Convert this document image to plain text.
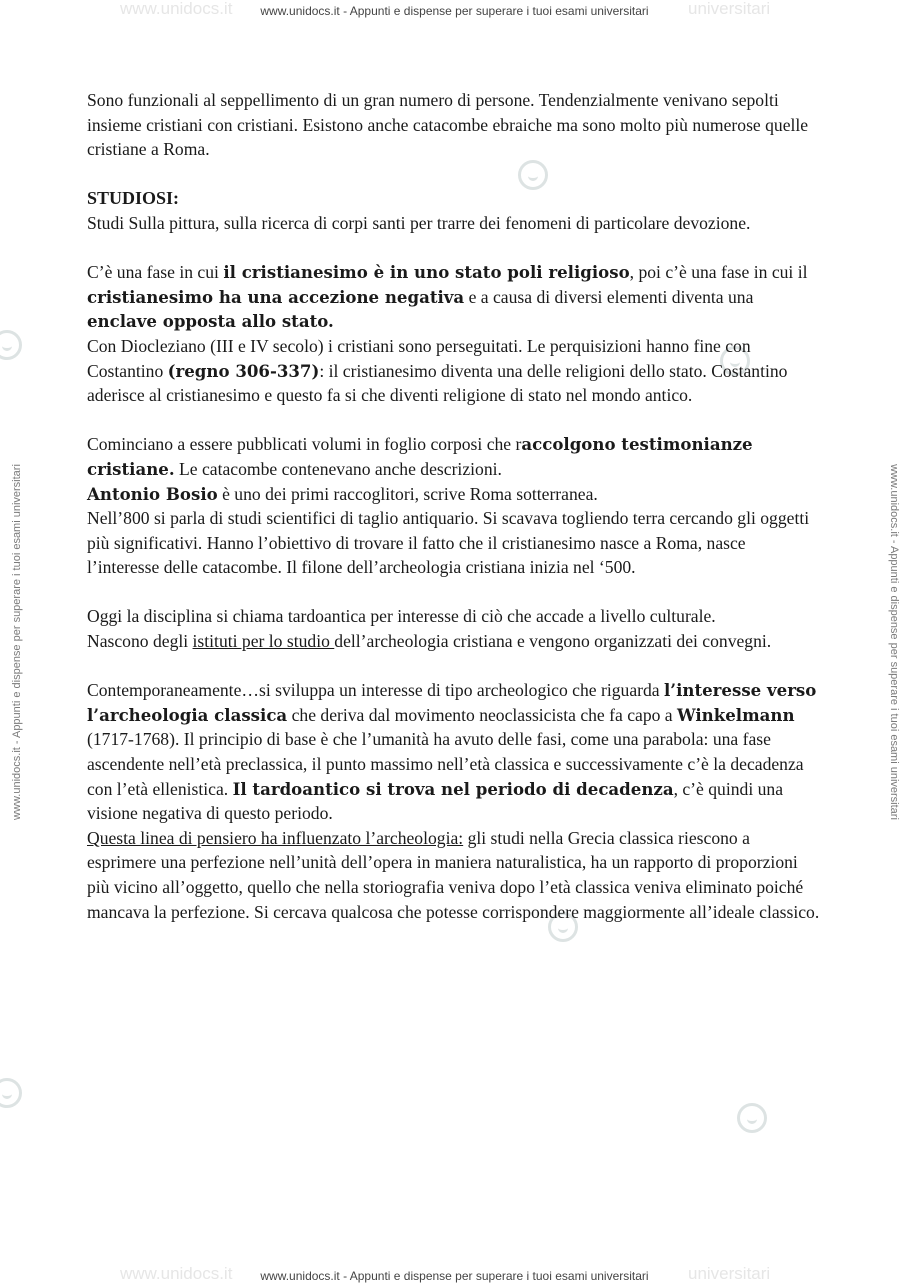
www.unidocs.it	universitari
www.unidocs.it - Appunti e dispense per superare i tuoi esami universitari
www.unidocs.it - Appunti e dispense per superare i tuoi esami universitari	www.unidocs.it - Appunti e dispense per superare i tuoi esami universitari
www.unidocs.it	universitari
www.unidocs.it - Appunti e dispense per superare i tuoi esami universitari

Sono funzionali al seppellimento di un gran numero di persone. Tendenzialmente venivano sepolti insieme cristiani con cristiani. Esistono anche catacombe ebraiche ma sono molto più numerose quelle cristiane a Roma.

STUDIOSI:

Studi Sulla pittura, sulla ricerca di corpi santi per trarre dei fenomeni di particolare devozione.

C’è una fase in cui il cristianesimo è in uno stato poli religioso, poi c’è una fase in cui il cristianesimo ha una accezione negativa e a causa di diversi elementi diventa una enclave opposta allo stato.

Con Diocleziano (III e IV secolo) i cristiani sono perseguitati. Le perquisizioni hanno fine con Costantino (regno 306-337): il cristianesimo diventa una delle religioni dello stato. Costantino aderisce al cristianesimo e questo fa si che diventi religione di stato nel mondo antico.

Cominciano a essere pubblicati volumi in foglio corposi che raccolgono testimonianze cristiane. Le catacombe contenevano anche descrizioni.

Antonio Bosio è uno dei primi raccoglitori, scrive Roma sotterranea.

Nell’800 si parla di studi scientifici di taglio antiquario. Si scavava togliendo terra cercando gli oggetti più significativi. Hanno l’obiettivo di trovare il fatto che il cristianesimo nasce a Roma, nasce l’interesse delle catacombe. Il filone dell’archeologia cristiana inizia nel ‘500.

Oggi la disciplina si chiama tardoantica per interesse di ciò che accade a livello culturale.

Nascono degli istituti per lo studio dell’archeologia cristiana e vengono organizzati dei convegni.

Contemporaneamente…si sviluppa un interesse di tipo archeologico che riguarda l’interesse verso l’archeologia classica che deriva dal movimento neoclassicista che fa capo a Winkelmann (1717-1768). Il principio di base è che l’umanità ha avuto delle fasi, come una parabola: una fase ascendente nell’età preclassica, il punto massimo nell’età classica e successivamente c’è la decadenza con l’età ellenistica. Il tardoantico si trova nel periodo di decadenza, c’è quindi una visione negativa di questo periodo.

Questa linea di pensiero ha influenzato l’archeologia: gli studi nella Grecia classica riescono a esprimere una perfezione nell’unità dell’opera in maniera naturalistica, ha un rapporto di proporzioni più vicino all’oggetto, quello che nella storiografia veniva dopo l’età classica veniva eliminato poiché mancava la perfezione. Si cercava qualcosa che potesse corrispondere maggiormente all’ideale classico.
